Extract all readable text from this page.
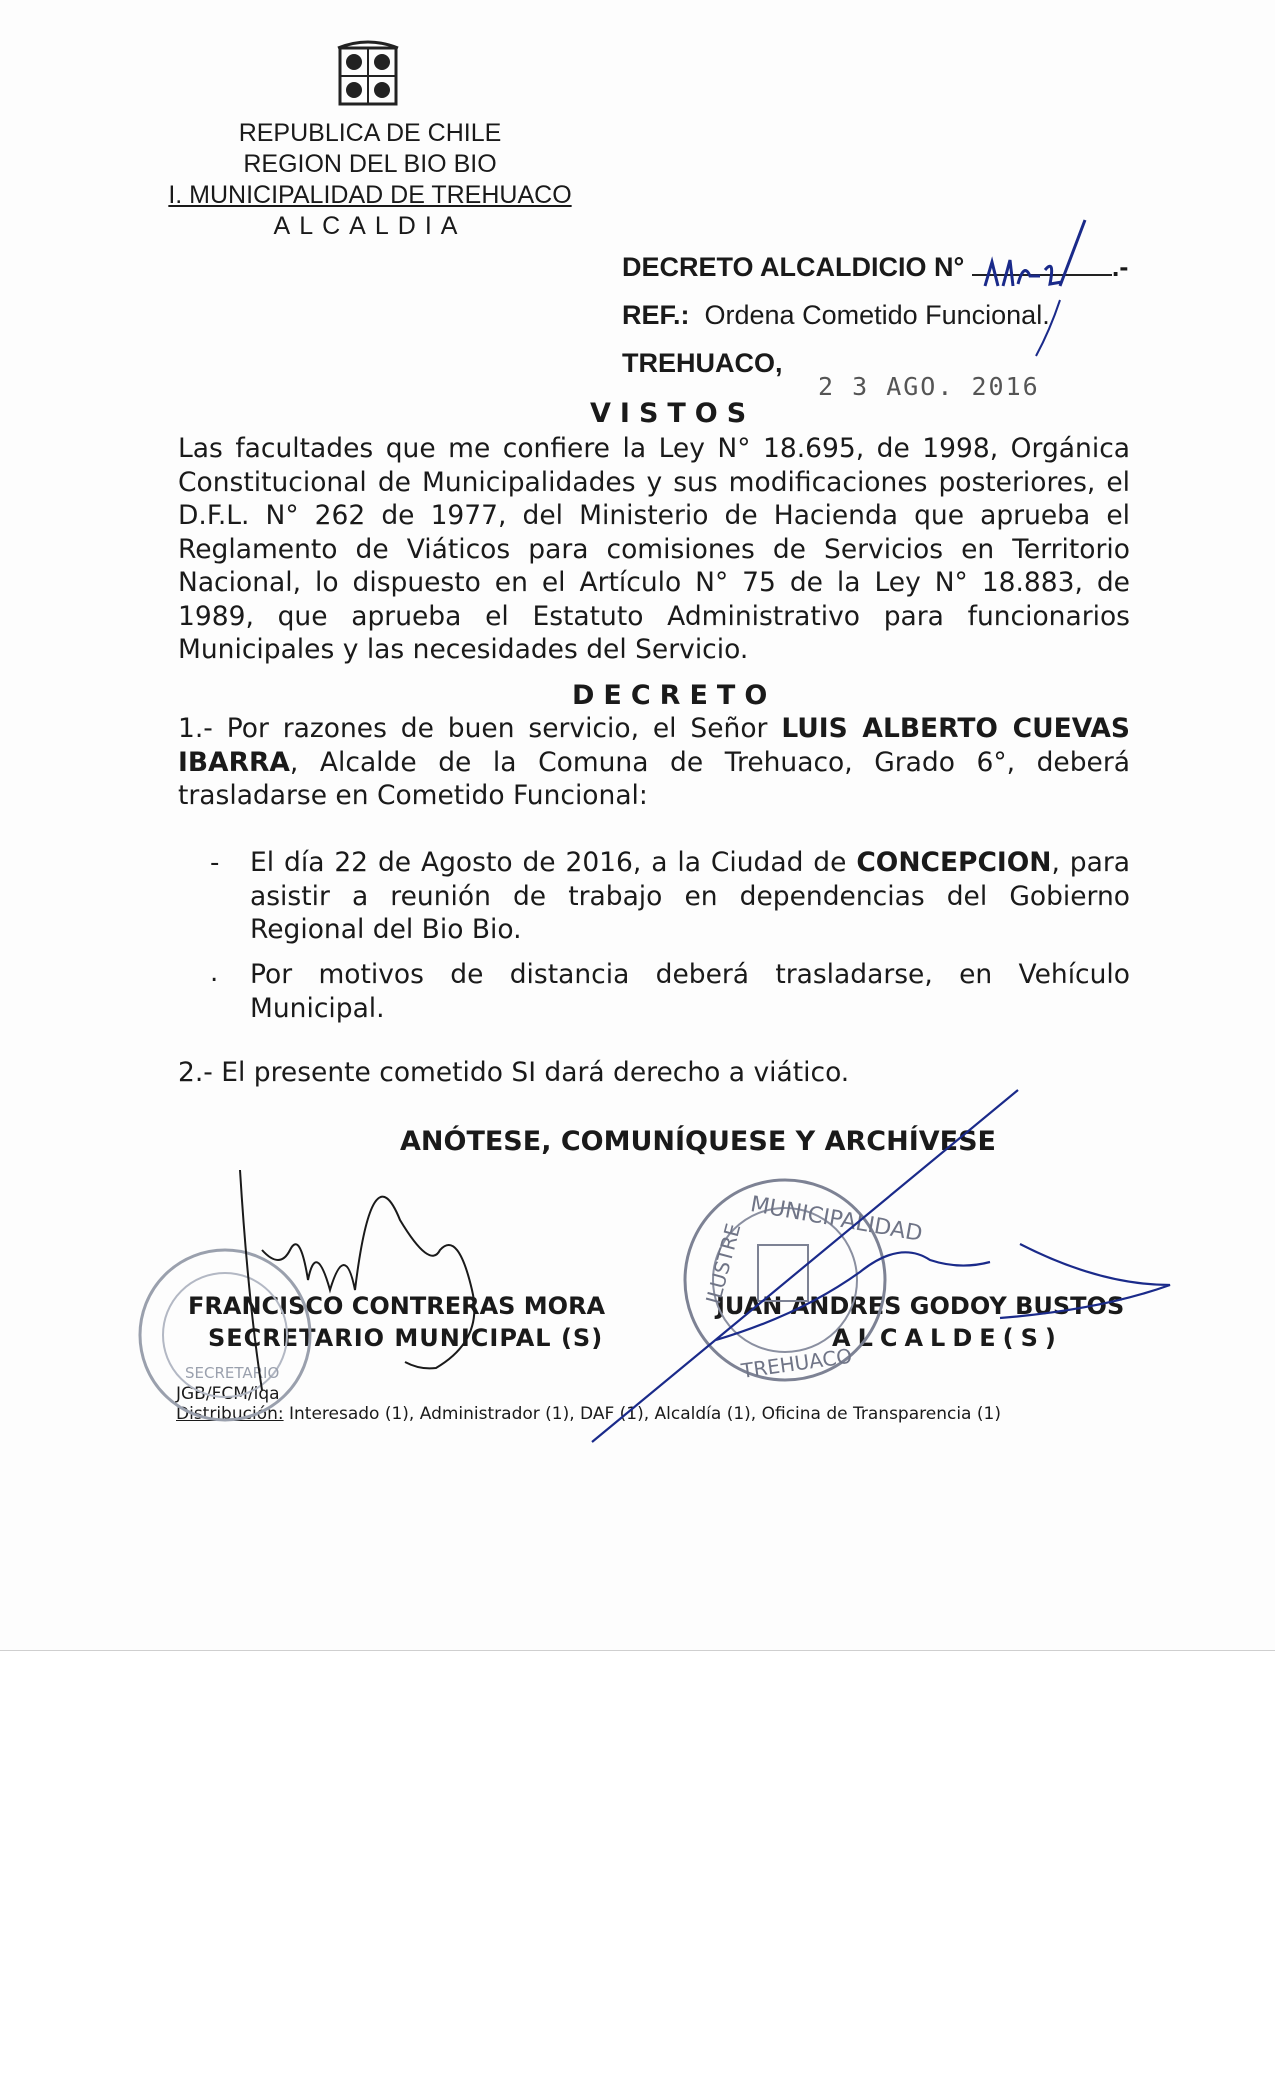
REPUBLICA DE CHILE
REGION DEL BIO BIO
I. MUNICIPALIDAD DE TREHUACO
ALCALDIA
DECRETO ALCALDICIO N°	.-
REF.: Ordena Cometido Funcional.
TREHUACO,
2 3 AGO. 2016
VISTOS
Las facultades que me confiere la Ley N° 18.695, de 1998, Orgánica Constitucional de Municipalidades y sus modificaciones posteriores, el D.F.L. N° 262 de 1977, del Ministerio de Hacienda que aprueba el Reglamento de Viáticos para comisiones de Servicios en Territorio Nacional, lo dispuesto en el Artículo N° 75 de la Ley N° 18.883, de 1989, que aprueba el Estatuto Administrativo para funcionarios Municipales y las necesidades del Servicio.
DECRETO
1.- Por razones de buen servicio, el Señor LUIS ALBERTO CUEVAS IBARRA, Alcalde de la Comuna de Trehuaco, Grado 6°, deberá trasladarse en Cometido Funcional:
- El día 22 de Agosto de 2016, a la Ciudad de CONCEPCION, para asistir a reunión de trabajo en dependencias del Gobierno Regional del Bio Bio.
. Por motivos de distancia deberá trasladarse, en Vehículo Municipal.
2.- El presente cometido SI dará derecho a viático.
ANÓTESE, COMUNÍQUESE Y ARCHÍVESE
FRANCISCO CONTRERAS MORA
SECRETARIO MUNICIPAL (S)
JUAN ANDRES GODOY BUSTOS
ALCALDE(S)
JGB/FCM/lqa
Distribución: Interesado (1), Administrador (1), DAF (1), Alcaldía (1), Oficina de Transparencia (1)
SECRETARIO
MUNICIPALIDAD
ILUSTRE
TREHUACO
